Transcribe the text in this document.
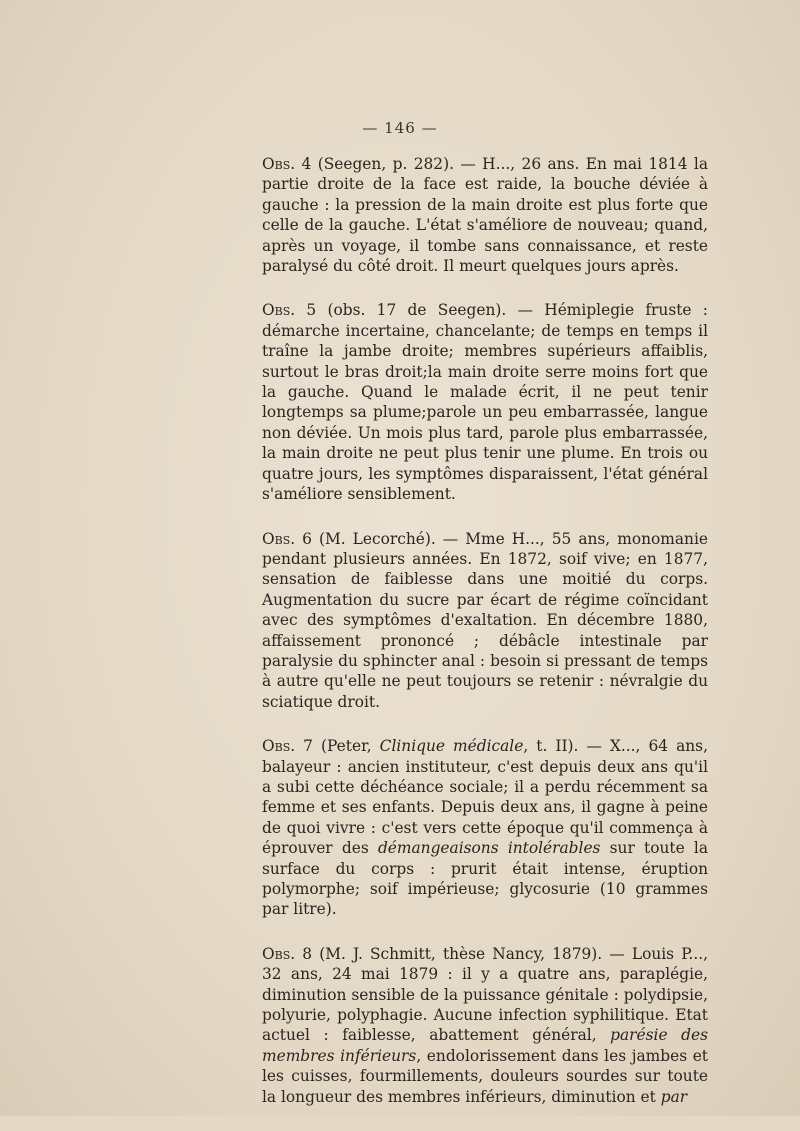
— 146 —

Obs. 4 (Seegen, p. 282). — H..., 26 ans. En mai 1814 la partie droite de la face est raide, la bouche déviée à gauche : la pression de la main droite est plus forte que celle de la gauche. L'état s'améliore de nouveau; quand, après un voyage, il tombe sans connaissance, et reste paralysé du côté droit. Il meurt quelques jours après.

Obs. 5 (obs. 17 de Seegen). — Hémiplegie fruste : démarche incertaine, chancelante; de temps en temps il traîne la jambe droite; membres supérieurs affaiblis, surtout le bras droit;la main droite serre moins fort que la gauche. Quand le malade écrit, il ne peut tenir longtemps sa plume;parole un peu embarrassée, langue non déviée. Un mois plus tard, parole plus embarrassée, la main droite ne peut plus tenir une plume. En trois ou quatre jours, les symptômes disparaissent, l'état général s'améliore sensiblement.

Obs. 6 (M. Lecorché). — Mme H..., 55 ans, monomanie pendant plusieurs années. En 1872, soif vive; en 1877, sensation de faiblesse dans une moitié du corps. Augmentation du sucre par écart de régime coïncidant avec des symptômes d'exaltation. En décembre 1880, affaissement prononcé ; débâcle intestinale par paralysie du sphincter anal : besoin si pressant de temps à autre qu'elle ne peut toujours se retenir : névralgie du sciatique droit.

Obs. 7 (Peter, Clinique médicale, t. II). — X..., 64 ans, balayeur : ancien instituteur, c'est depuis deux ans qu'il a subi cette déchéance sociale; il a perdu récemment sa femme et ses enfants. Depuis deux ans, il gagne à peine de quoi vivre : c'est vers cette époque qu'il commença à éprouver des démangeaisons intolérables sur toute la surface du corps : prurit était intense, éruption polymorphe; soif impérieuse; glycosurie (10 grammes par litre).

Obs. 8 (M. J. Schmitt, thèse Nancy, 1879). — Louis P..., 32 ans, 24 mai 1879 : il y a quatre ans, paraplégie, diminution sensible de la puissance génitale : polydipsie, polyurie, polyphagie. Aucune infection syphilitique. Etat actuel : faiblesse, abattement général, parésie des membres inférieurs, endolorissement dans les jambes et les cuisses, fourmillements, douleurs sourdes sur toute la longueur des membres inférieurs, diminution et par
